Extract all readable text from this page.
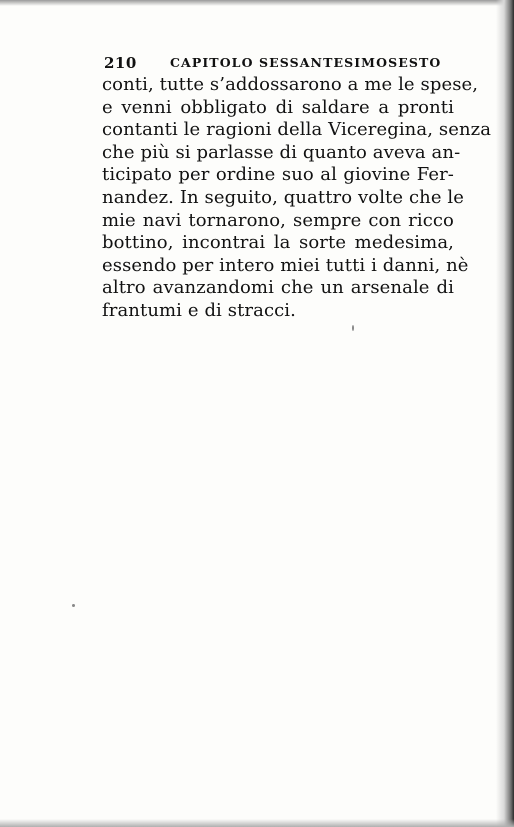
210	CAPITOLO SESSANTESIMOSESTO
conti, tutte s’addossarono a me le spese,
e venni obbligato di saldare a pronti
contanti le ragioni della Viceregina, senza
che più si parlasse di quanto aveva an-
ticipato per ordine suo al giovine Fer-
nandez. In seguito, quattro volte che le
mie navi tornarono, sempre con ricco
bottino, incontrai la sorte medesima,
essendo per intero miei tutti i danni, nè
altro avanzandomi che un arsenale di
frantumi e di stracci.
